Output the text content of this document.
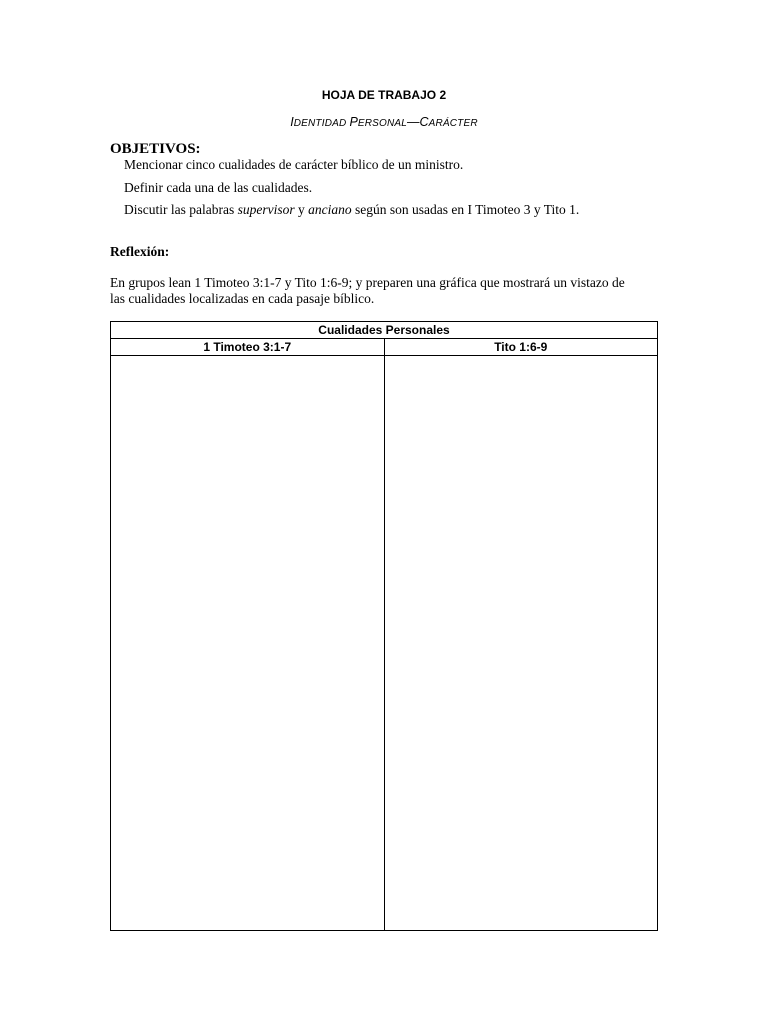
HOJA DE TRABAJO 2
IDENTIDAD PERSONAL—CARÁCTER
OBJETIVOS:
Mencionar cinco cualidades de carácter bíblico de un ministro.
Definir cada una de las cualidades.
Discutir las palabras supervisor y anciano según son usadas en I Timoteo 3 y Tito 1.
Reflexión:
En grupos lean 1 Timoteo 3:1-7 y Tito 1:6-9; y preparen una gráfica que mostrará un vistazo de
las cualidades localizadas en cada pasaje bíblico.
Cualidades Personales	
1 Timoteo 3:1-7	Tito 1:6-9
